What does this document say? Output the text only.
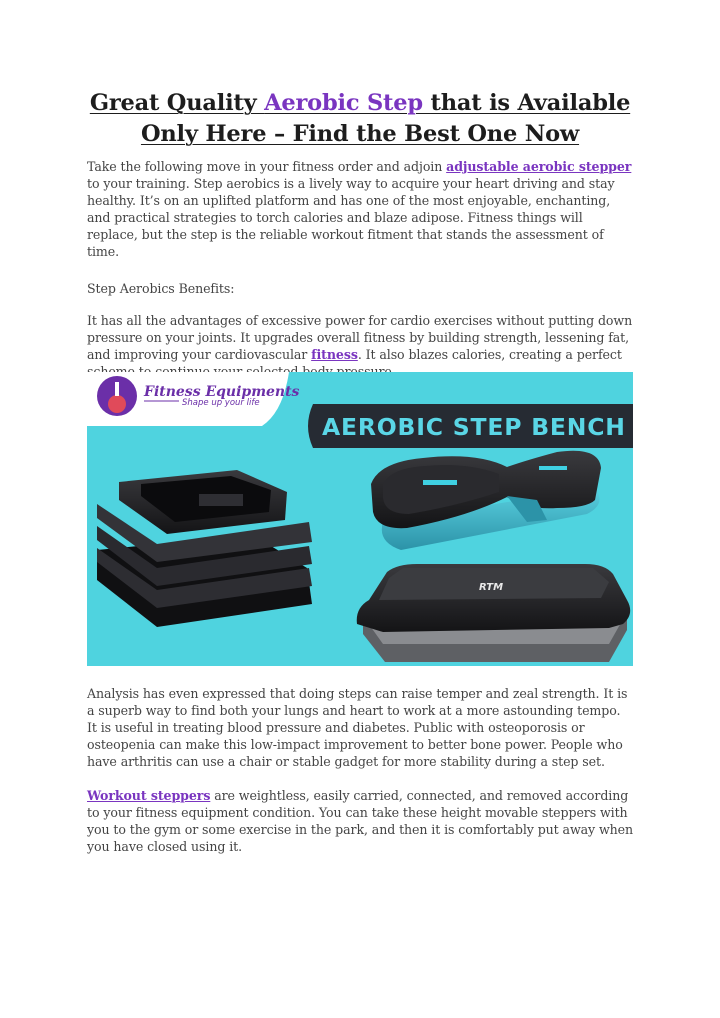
Great Quality Aerobic Step that is Available Only Here – Find the Best One Now

Take the following move in your fitness order and adjoin adjustable aerobic stepper to your training. Step aerobics is a lively way to acquire your heart driving and stay healthy. It’s on an uplifted platform and has one of the most enjoyable, enchanting, and practical strategies to torch calories and blaze adipose. Fitness things will replace, but the step is the reliable workout fitment that stands the assessment of time.

Step Aerobics Benefits:

It has all the advantages of excessive power for cardio exercises without putting down pressure on your joints. It upgrades overall fitness by building strength, lessening fat, and improving your cardiovascular fitness. It also blazes calories, creating a perfect

Fitness Equipments
Shape up your life
AEROBIC STEP BENCH
RTM

Analysis has even expressed that doing steps can raise temper and zeal strength. It is a superb way to find both your lungs and heart to work at a more astounding tempo. It is useful in treating blood pressure and diabetes. Public with osteoporosis or osteopenia can make this low-impact improvement to better bone power. People who have arthritis can use a chair or stable gadget for more stability during a step set.

Workout steppers are weightless, easily carried, connected, and removed according to your fitness equipment condition. You can take these height movable steppers with you to the gym or some exercise in the park, and then it is comfortably put away when you have closed using it.
